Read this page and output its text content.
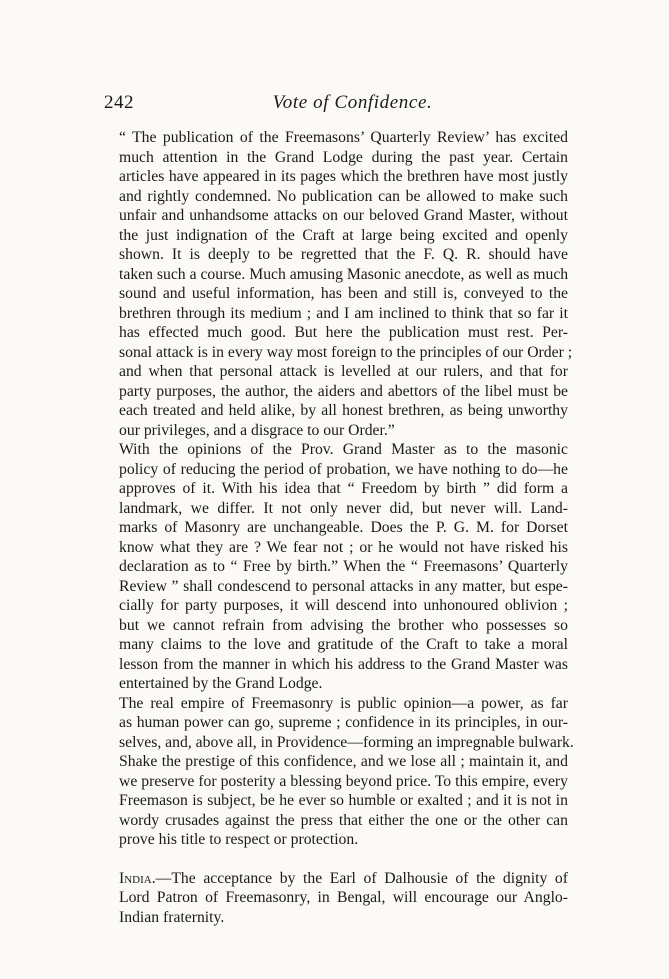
242	Vote of Confidence.

“ The publication of the Freemasons’ Quarterly Review’ has excited
much attention in the Grand Lodge during the past year. Certain
articles have appeared in its pages which the brethren have most justly
and rightly condemned. No publication can be allowed to make such
unfair and unhandsome attacks on our beloved Grand Master, without
the just indignation of the Craft at large being excited and openly
shown. It is deeply to be regretted that the F. Q. R. should have
taken such a course. Much amusing Masonic anecdote, as well as much
sound and useful information, has been and still is, conveyed to the
brethren through its medium ; and I am inclined to think that so far it
has effected much good. But here the publication must rest. Per-
sonal attack is in every way most foreign to the principles of our Order ;
and when that personal attack is levelled at our rulers, and that for
party purposes, the author, the aiders and abettors of the libel must be
each treated and held alike, by all honest brethren, as being unworthy
our privileges, and a disgrace to our Order.”

With the opinions of the Prov. Grand Master as to the masonic
policy of reducing the period of probation, we have nothing to do—he
approves of it. With his idea that “ Freedom by birth ” did form a
landmark, we differ. It not only never did, but never will. Land-
marks of Masonry are unchangeable. Does the P. G. M. for Dorset
know what they are ? We fear not ; or he would not have risked his
declaration as to “ Free by birth.” When the “ Freemasons’ Quarterly
Review ” shall condescend to personal attacks in any matter, but espe-
cially for party purposes, it will descend into unhonoured oblivion ;
but we cannot refrain from advising the brother who possesses so
many claims to the love and gratitude of the Craft to take a moral
lesson from the manner in which his address to the Grand Master was
entertained by the Grand Lodge.

The real empire of Freemasonry is public opinion—a power, as far
as human power can go, supreme ; confidence in its principles, in our-
selves, and, above all, in Providence—forming an impregnable bulwark.
Shake the prestige of this confidence, and we lose all ; maintain it, and
we preserve for posterity a blessing beyond price. To this empire, every
Freemason is subject, be he ever so humble or exalted ; and it is not in
wordy crusades against the press that either the one or the other can
prove his title to respect or protection.

India.—The acceptance by the Earl of Dalhousie of the dignity of
Lord Patron of Freemasonry, in Bengal, will encourage our Anglo-
Indian fraternity.
